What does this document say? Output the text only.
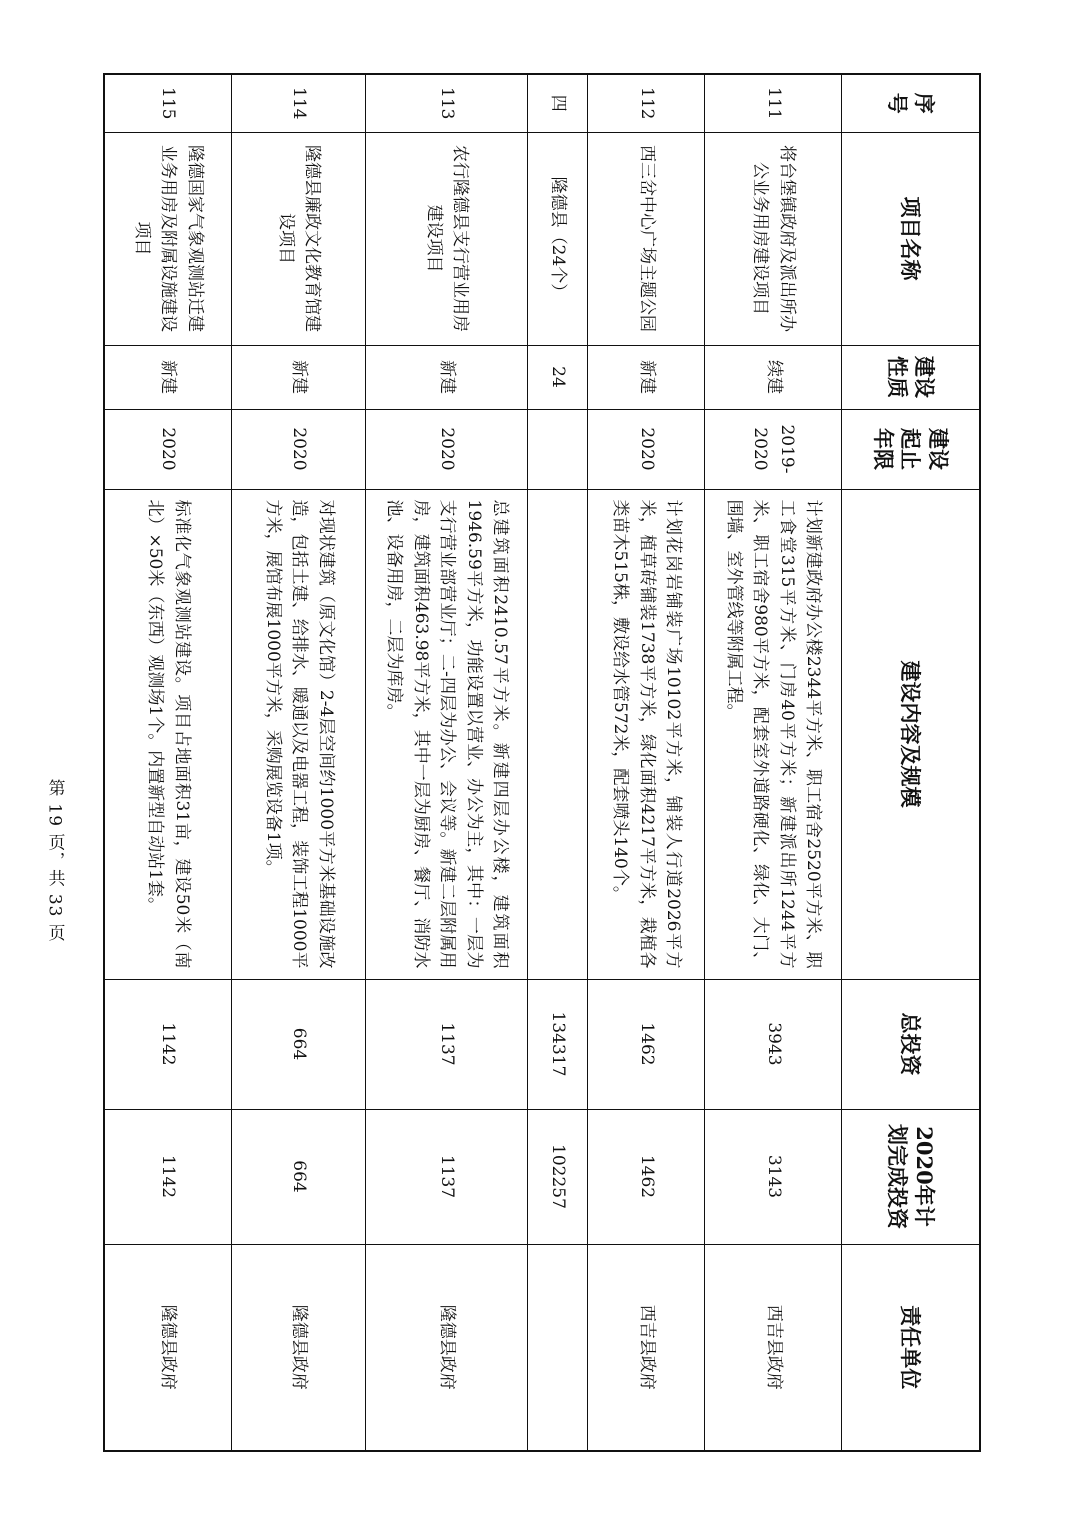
序号	项目名称	建设性质	建设起止年限	建设内容及规模	总投资	2020年计划完成投资	责任单位
111	将台堡镇政府及派出所办公业务用房建设项目	续建	2019-2020	计划新建政府办公楼2344平方米、职工宿舍2520平方米、职工食堂315平方米、门房40平方米；新建派出所1244平方米、职工宿舍980平方米，配套室外道路硬化、绿化、大门、围墙、室外管线等附属工程。	3943	3143	西吉县政府
112	西三岔中心广场主题公园	新建	2020	计划花岗岩铺装广场10102平方米，铺装人行道2026平方米，植草砖铺装1738平方米，绿化面积4217平方米，栽植各类苗木515株，敷设给水管572米，配套喷头140个。	1462	1462	西吉县政府
四	隆德县（24个）	24			134317	102257	
113	农行隆德县支行营业用房建设项目	新建	2020	总建筑面积2410.57平方米。新建四层办公楼，建筑面积1946.59平方米，功能设置以营业、办公为主，其中：一层为支行营业部营业厅；二-四层为办公、会议等。新建二层附属用房，建筑面积463.98平方米，其中一层为厨房、餐厅、消防水池、设备用房，二层为库房。	1137	1137	隆德县政府
114	隆德县廉政文化教育馆建设项目	新建	2020	对现状建筑（原文化馆）2-4层空间约1000平方米基础设施改造，包括土建、给排水、暖通以及电器工程，装饰工程1000平方米，展馆布展1000平方米，采购展览设备1项。	664	664	隆德县政府
115	隆德国家气象观测站迁建业务用房及附属设施建设项目	新建	2020	标准化气象观测站建设。项目占地面积31亩，建设50米（南北）×50米（东西）观测场1个。内置新型自动站1套。	1142	1142	隆德县政府
第 19 页，共 33 页
